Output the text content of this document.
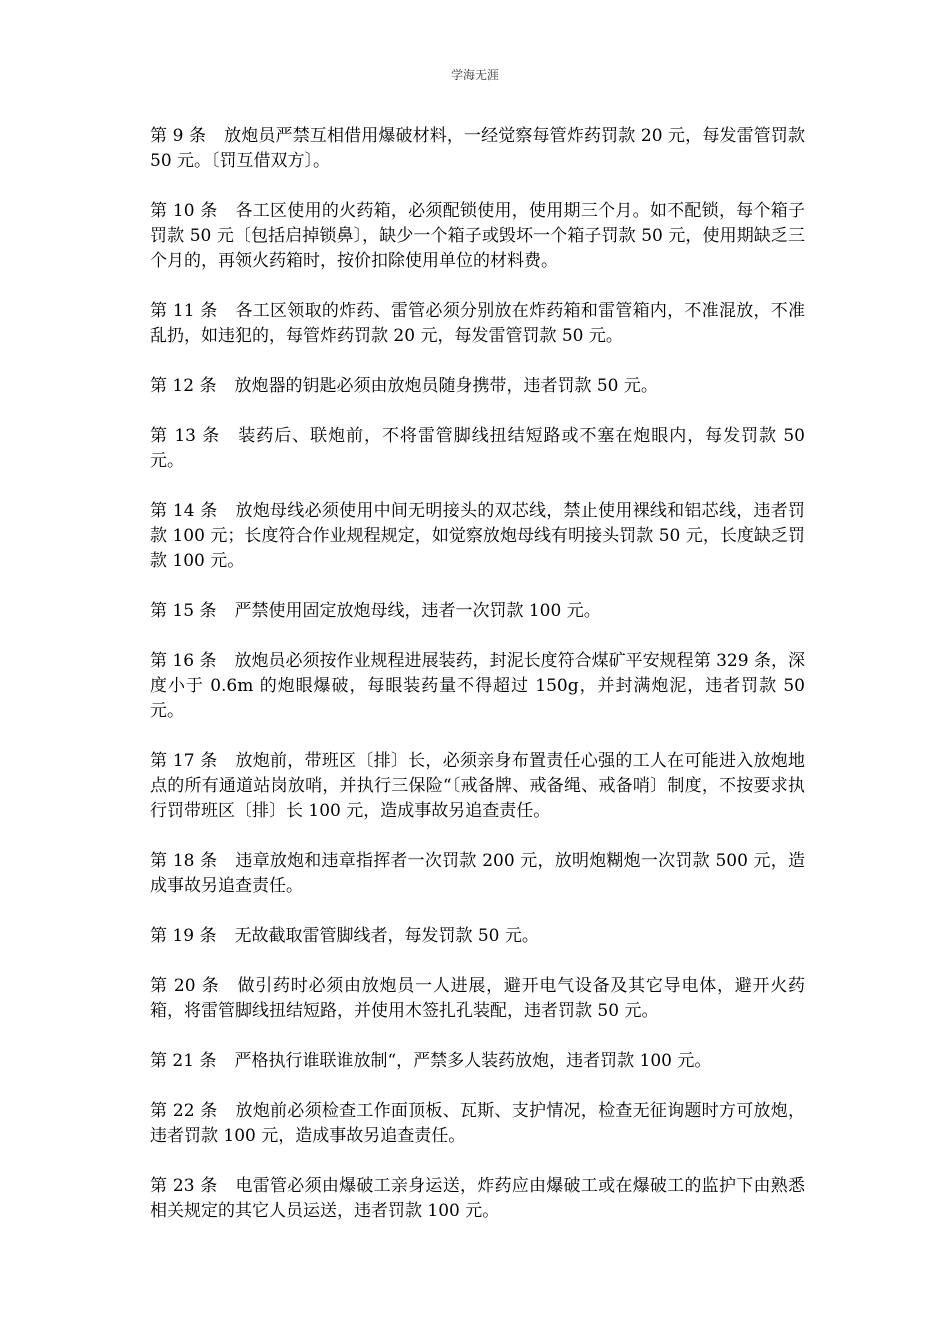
学海无涯

第 9 条 放炮员严禁互相借用爆破材料，一经觉察每管炸药罚款 20 元，每发雷管罚款 50 元。〔罚互借双方〕。

第 10 条 各工区使用的火药箱，必须配锁使用，使用期三个月。如不配锁，每个箱子罚款 50 元〔包括启掉锁鼻〕，缺少一个箱子或毁坏一个箱子罚款 50 元，使用期缺乏三个月的，再领火药箱时，按价扣除使用单位的材料费。

第 11 条 各工区领取的炸药、雷管必须分别放在炸药箱和雷管箱内，不准混放，不准乱扔，如违犯的，每管炸药罚款 20 元，每发雷管罚款 50 元。

第 12 条 放炮器的钥匙必须由放炮员随身携带，违者罚款 50 元。

第 13 条 装药后、联炮前，不将雷管脚线扭结短路或不塞在炮眼内，每发罚款 50 元。

第 14 条 放炮母线必须使用中间无明接头的双芯线，禁止使用裸线和铝芯线，违者罚款 100 元；长度符合作业规程规定，如觉察放炮母线有明接头罚款 50 元，长度缺乏罚款 100 元。

第 15 条 严禁使用固定放炮母线，违者一次罚款 100 元。

第 16 条 放炮员必须按作业规程进展装药，封泥长度符合煤矿平安规程第 329 条，深度小于 0.6m 的炮眼爆破，每眼装药量不得超过 150g，并封满炮泥，违者罚款 50 元。

第 17 条 放炮前，带班区〔排〕长，必须亲身布置责任心强的工人在可能进入放炮地点的所有通道站岗放哨，并执行三保险“〔戒备牌、戒备绳、戒备哨〕制度，不按要求执行罚带班区〔排〕长 100 元，造成事故另追查责任。

第 18 条 违章放炮和违章指挥者一次罚款 200 元，放明炮糊炮一次罚款 500 元，造成事故另追查责任。

第 19 条 无故截取雷管脚线者，每发罚款 50 元。

第 20 条 做引药时必须由放炮员一人进展，避开电气设备及其它导电体，避开火药箱，将雷管脚线扭结短路，并使用木签扎孔装配，违者罚款 50 元。

第 21 条 严格执行谁联谁放制“，严禁多人装药放炮，违者罚款 100 元。

第 22 条 放炮前必须检查工作面顶板、瓦斯、支护情况，检查无征询题时方可放炮，违者罚款 100 元，造成事故另追查责任。

第 23 条 电雷管必须由爆破工亲身运送，炸药应由爆破工或在爆破工的监护下由熟悉相关规定的其它人员运送，违者罚款 100 元。
